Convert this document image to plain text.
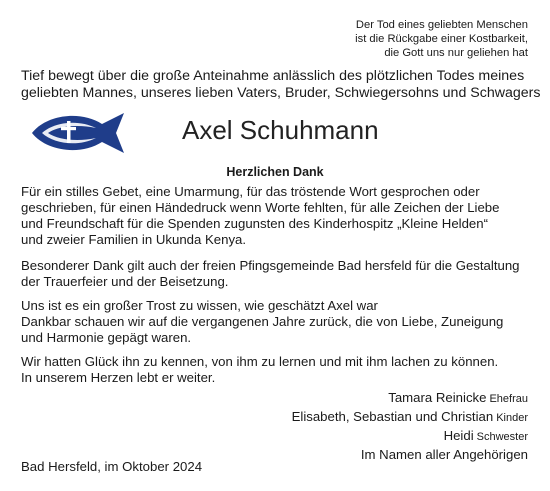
Der Tod eines geliebten Menschen
ist die Rückgabe einer Kostbarkeit,
die Gott uns nur geliehen hat
Tief bewegt über die große Anteinahme anlässlich des plötzlichen Todes meines
geliebten Mannes, unseres lieben Vaters, Bruder, Schwiegersohns und Schwagers
Axel Schuhmann
Herzlichen Dank
Für ein stilles Gebet, eine Umarmung, für das tröstende Wort gesprochen oder
geschrieben, für einen Händedruck wenn Worte fehlten, für alle Zeichen der Liebe
und Freundschaft für die Spenden zugunsten des Kinderhospitz „Kleine Helden“
und zweier Familien in Ukunda Kenya.
Besonderer Dank gilt auch der freien Pfingsgemeinde Bad hersfeld für die Gestaltung
der Trauerfeier und der Beisetzung.
Uns ist es ein großer Trost zu wissen, wie geschätzt Axel war
Dankbar schauen wir auf die vergangenen Jahre zurück, die von Liebe, Zuneigung
und Harmonie gepägt waren.
Wir hatten Glück ihn zu kennen, von ihm zu lernen und mit ihm lachen zu können.
In unserem Herzen lebt er weiter.
Tamara Reinicke Ehefrau
Elisabeth, Sebastian und Christian Kinder
Heidi Schwester
Im Namen aller Angehörigen
Bad Hersfeld, im Oktober 2024
